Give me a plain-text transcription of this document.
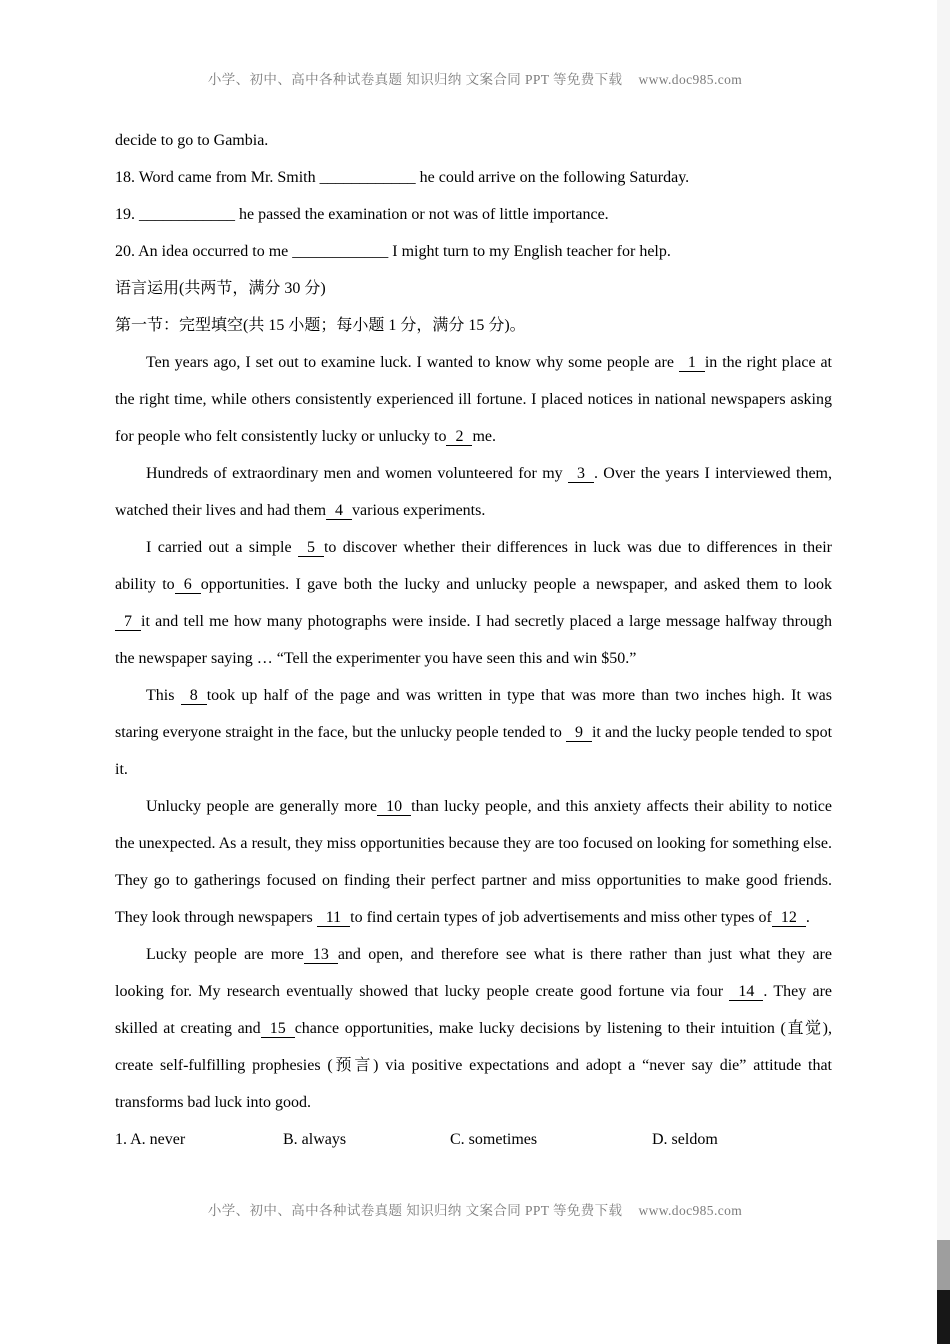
小学、初中、高中各种试卷真题 知识归纳 文案合同 PPT 等免费下载 www.doc985.com
decide to go to Gambia.
18. Word came from Mr. Smith ____________ he could arrive on the following Saturday.
19. ____________ he passed the examination or not was of little importance.
20. An idea occurred to me ____________ I might turn to my English teacher for help.
语言运用(共两节，满分 30 分)
第一节：完型填空(共 15 小题；每小题 1 分，满分 15 分)。
Ten years ago, I set out to examine luck. I wanted to know why some people are 1 in the right place at the right time, while others consistently experienced ill fortune. I placed notices in national newspapers asking for people who felt consistently lucky or unlucky to 2 me.
Hundreds of extraordinary men and women volunteered for my 3 . Over the years I interviewed them, watched their lives and had them 4 various experiments.
I carried out a simple 5 to discover whether their differences in luck was due to differences in their ability to 6 opportunities. I gave both the lucky and unlucky people a newspaper, and asked them to look 7 it and tell me how many photographs were inside. I had secretly placed a large message halfway through the newspaper saying … “Tell the experimenter you have seen this and win $50.”
This 8 took up half of the page and was written in type that was more than two inches high. It was staring everyone straight in the face, but the unlucky people tended to 9 it and the lucky people tended to spot it.
Unlucky people are generally more 10 than lucky people, and this anxiety affects their ability to notice the unexpected. As a result, they miss opportunities because they are too focused on looking for something else. They go to gatherings focused on finding their perfect partner and miss opportunities to make good friends. They look through newspapers 11 to find certain types of job advertisements and miss other types of 12 .
Lucky people are more 13 and open, and therefore see what is there rather than just what they are looking for. My research eventually showed that lucky people create good fortune via four 14 . They are skilled at creating and 15 chance opportunities, make lucky decisions by listening to their intuition (直觉), create self-fulfilling prophesies (预言) via positive expectations and adopt a “never say die” attitude that transforms bad luck into good.
1. A. never	B. always	C. sometimes	D. seldom
小学、初中、高中各种试卷真题 知识归纳 文案合同 PPT 等免费下载 www.doc985.com
